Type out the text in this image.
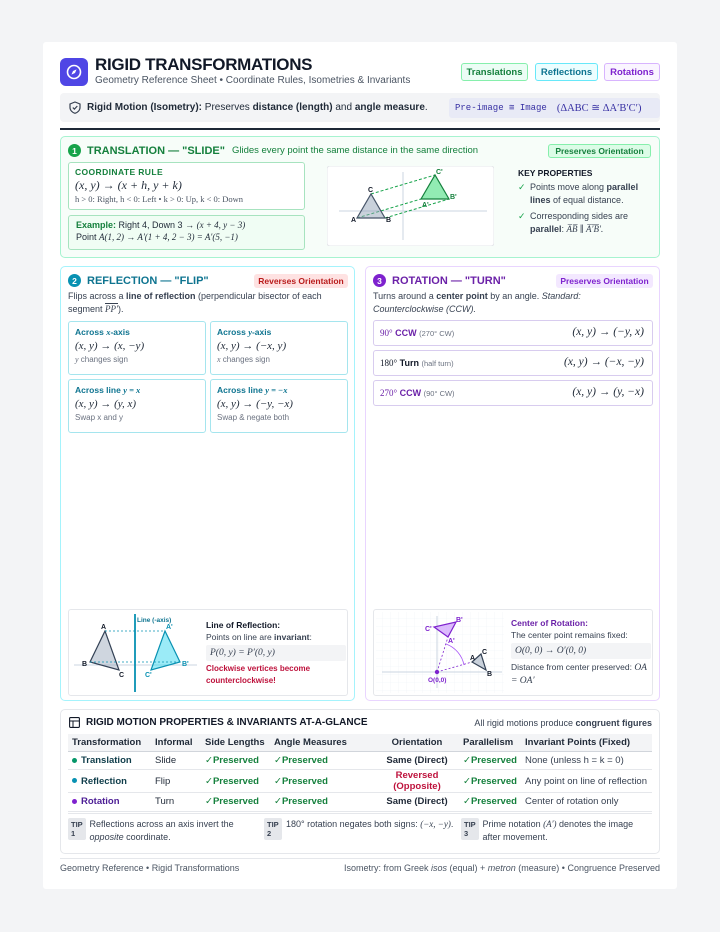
RIGID TRANSFORMATIONS
Geometry Reference Sheet • Coordinate Rules, Isometries & Invariants
Translations	Reflections	Rotations
Rigid Motion (Isometry): Preserves distance (length) and angle measure.	Pre-image ≅ Image (ΔABC ≅ ΔA′B′C′)
1 TRANSLATION — "SLIDE" Glides every point the same distance in the same direction	Preserves Orientation
COORDINATE RULE
(x, y) → (x + h, y + k)
h > 0: Right, h < 0: Left • k > 0: Up, k < 0: Down
Example: Right 4, Down 3 → (x + 4, y − 3)
Point A(1, 2) → A′(1 + 4, 2 − 3) = A′(5, −1)
C
A	B
C'
A'
B'
KEY PROPERTIES
✓ Points move along parallel lines of equal distance.
✓ Corresponding sides are parallel: A̅B̅ ∥ A̅′̅B̅′.
2 REFLECTION — "FLIP"	Reverses Orientation
Flips across a line of reflection (perpendicular bisector of each segment PP′).
Across x-axis
(x, y) → (x, −y)
y changes sign
Across y-axis
(x, y) → (−x, y)
x changes sign
Across line y = x
(x, y) → (y, x)
Swap x and y
Across line y = −x
(x, y) → (−y, −x)
Swap & negate both
Line (-axis)
A
B
C
A'
B'
C'
Line of Reflection:
Points on line are invariant:
P(0, y) = P′(0, y)
Clockwise vertices become counterclockwise!
3 ROTATION — "TURN"	Preserves Orientation
Turns around a center point by an angle. Standard: Counterclockwise (CCW).
90° CCW (270° CW)	(x, y) → (−y, x)
180° Turn (half turn)	(x, y) → (−x, −y)
270° CCW (90° CW)	(x, y) → (y, −x)
O(0,0)
A
B
C
A'
B'
C'
Center of Rotation:
The center point remains fixed:
O(0, 0) → O′(0, 0)
Distance from center preserved: OA = OA′
RIGID MOTION PROPERTIES & INVARIANTS AT-A-GLANCE	All rigid motions produce congruent figures
Transformation	Informal	Side Lengths	Angle Measures	Orientation	Parallelism	Invariant Points (Fixed)
Translation	Slide	✓Preserved	✓Preserved	Same (Direct)	✓Preserved	None (unless h = k = 0)
Reflection	Flip	✓Preserved	✓Preserved	Reversed (Opposite)	✓Preserved	Any point on line of reflection
Rotation	Turn	✓Preserved	✓Preserved	Same (Direct)	✓Preserved	Center of rotation only
TIP 1
Reflections across an axis invert the opposite coordinate.
TIP 2
180° rotation negates both signs: (−x, −y).	TIP 3
Prime notation (A′) denotes the image after movement.
Geometry Reference • Rigid Transformations	Isometry: from Greek isos (equal) + metron (measure) • Congruence Preserved
